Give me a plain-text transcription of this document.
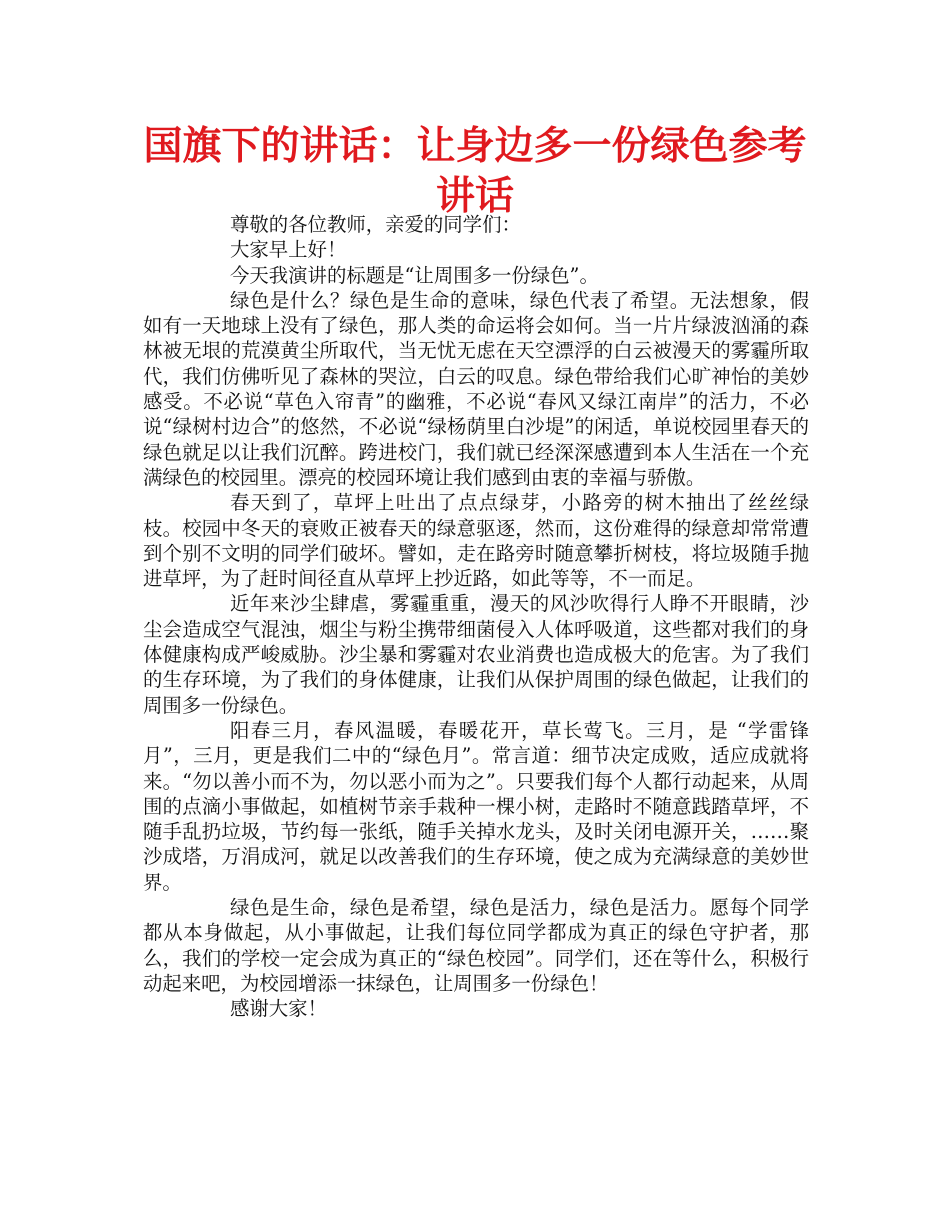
国旗下的讲话：让身边多一份绿色参考讲话

尊敬的各位教师，亲爱的同学们：

大家早上好！

今天我演讲的标题是“让周围多一份绿色”。

绿色是什么？绿色是生命的意味，绿色代表了希望。无法想象，假如有一天地球上没有了绿色，那人类的命运将会如何。当一片片绿波汹涌的森林被无垠的荒漠黄尘所取代，当无忧无虑在天空漂浮的白云被漫天的雾霾所取代，我们仿佛听见了森林的哭泣，白云的叹息。绿色带给我们心旷神怡的美妙感受。不必说“草色入帘青”的幽雅，不必说“春风又绿江南岸”的活力，不必说“绿树村边合”的悠然，不必说“绿杨荫里白沙堤”的闲适，单说校园里春天的绿色就足以让我们沉醉。跨进校门，我们就已经深深感遭到本人生活在一个充满绿色的校园里。漂亮的校园环境让我们感到由衷的幸福与骄傲。

春天到了，草坪上吐出了点点绿芽，小路旁的树木抽出了丝丝绿枝。校园中冬天的衰败正被春天的绿意驱逐，然而，这份难得的绿意却常常遭到个别不文明的同学们破坏。譬如，走在路旁时随意攀折树枝，将垃圾随手抛进草坪，为了赶时间径直从草坪上抄近路，如此等等，不一而足。

近年来沙尘肆虐，雾霾重重，漫天的风沙吹得行人睁不开眼睛，沙尘会造成空气混浊，烟尘与粉尘携带细菌侵入人体呼吸道，这些都对我们的身体健康构成严峻威胁。沙尘暴和雾霾对农业消费也造成极大的危害。为了我们的生存环境，为了我们的身体健康，让我们从保护周围的绿色做起，让我们的周围多一份绿色。

阳春三月，春风温暖，春暖花开，草长莺飞。三月，是 “学雷锋月”，三月，更是我们二中的“绿色月”。常言道：细节决定成败，适应成就将来。“勿以善小而不为，勿以恶小而为之”。只要我们每个人都行动起来，从周围的点滴小事做起，如植树节亲手栽种一棵小树，走路时不随意践踏草坪，不随手乱扔垃圾，节约每一张纸，随手关掉水龙头，及时关闭电源开关，……聚沙成塔，万涓成河，就足以改善我们的生存环境，使之成为充满绿意的美妙世界。

绿色是生命，绿色是希望，绿色是活力，绿色是活力。愿每个同学都从本身做起，从小事做起，让我们每位同学都成为真正的绿色守护者，那么，我们的学校一定会成为真正的“绿色校园”。同学们，还在等什么，积极行动起来吧，为校园增添一抹绿色，让周围多一份绿色！

感谢大家！
